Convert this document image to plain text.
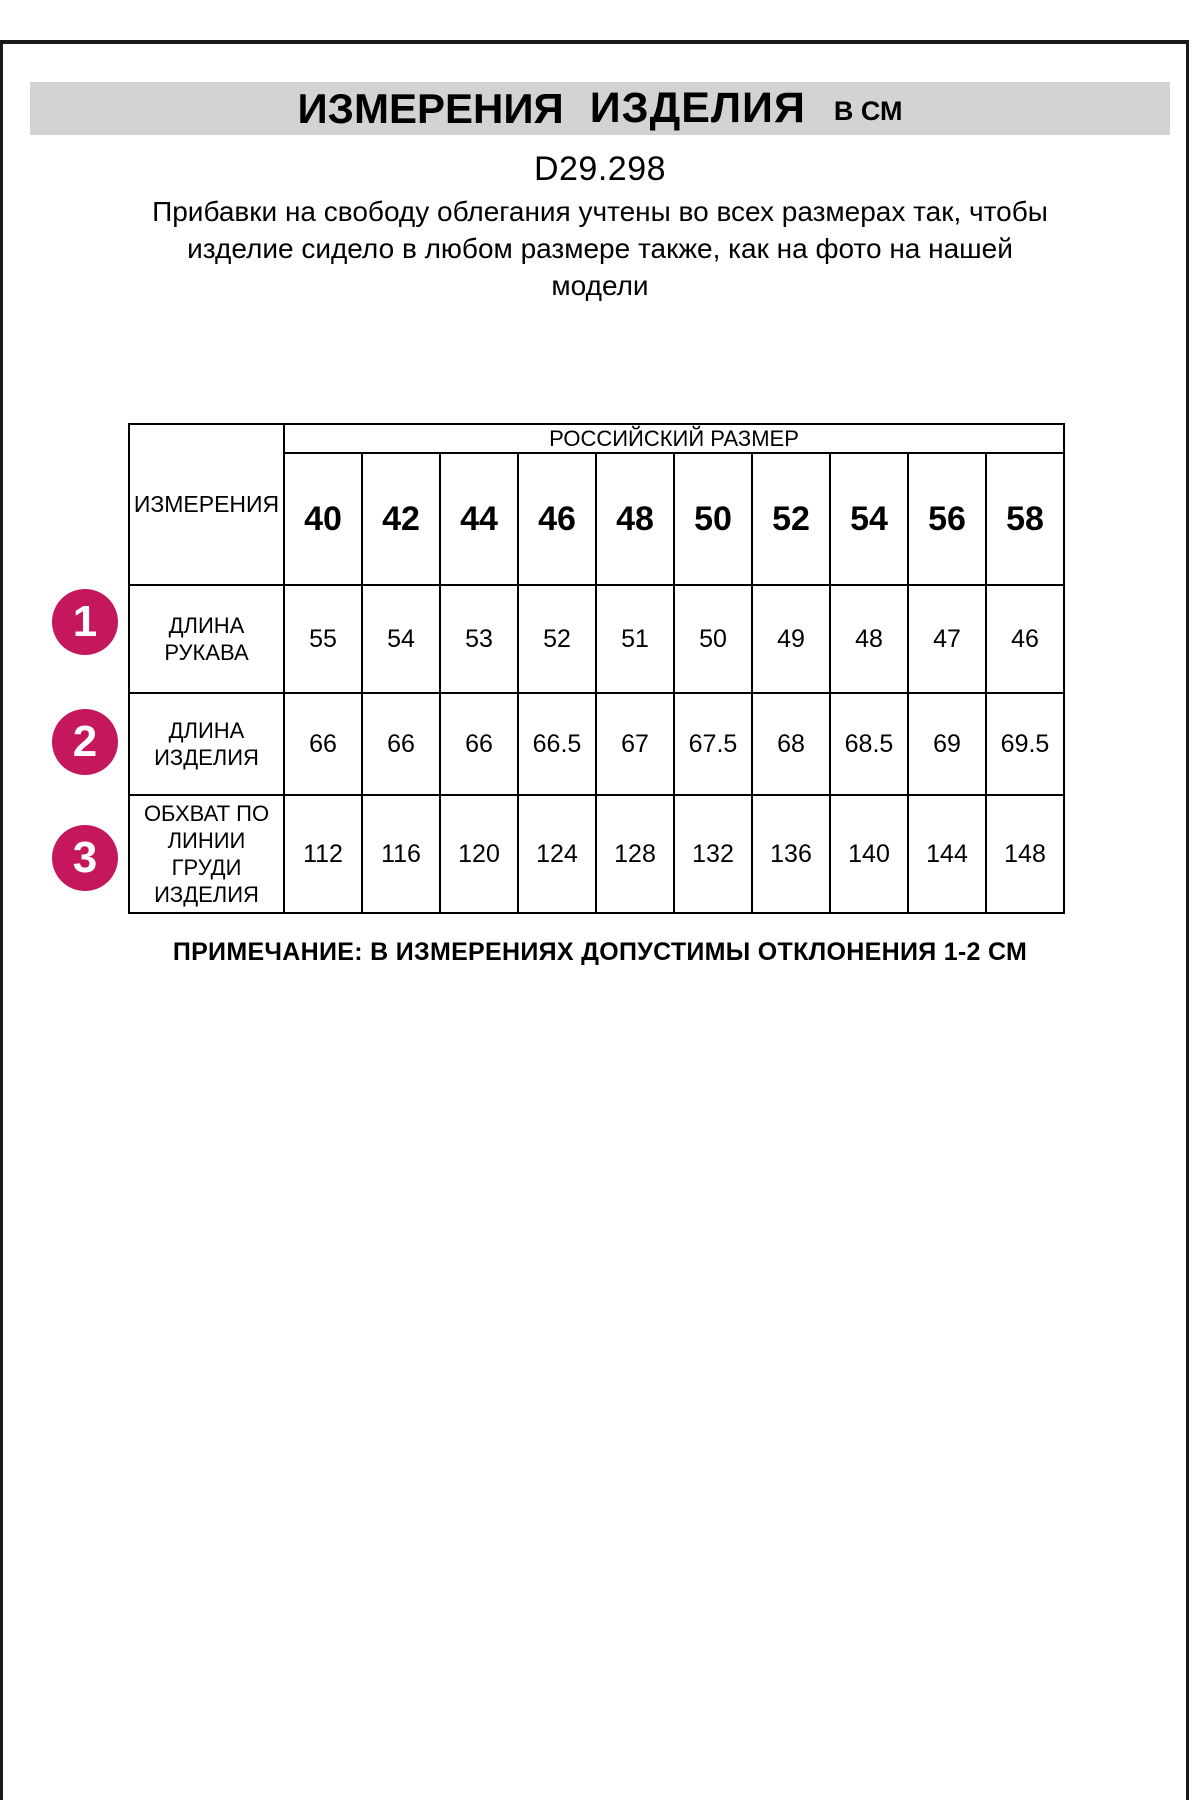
ИЗМЕРЕНИЯ ИЗДЕЛИЯ В СМ
D29.298
Прибавки на свободу облегания учтены во всех размерах так, чтобы
изделие сидело в любом размере также, как на фото на нашей
модели
ИЗМЕРЕНИЯ	РОССИЙСКИЙ РАЗМЕР									
	40	42	44	46	48	50	52	54	56	58
ДЛИНА РУКАВА	55	54	53	52	51	50	49	48	47	46
ДЛИНА ИЗДЕЛИЯ	66	66	66	66.5	67	67.5	68	68.5	69	69.5
ОБХВАТ ПО ЛИНИИ ГРУДИ ИЗДЕЛИЯ	112	116	120	124	128	132	136	140	144	148
1
2
3
ПРИМЕЧАНИЕ: В ИЗМЕРЕНИЯХ ДОПУСТИМЫ ОТКЛОНЕНИЯ 1-2 СМ
